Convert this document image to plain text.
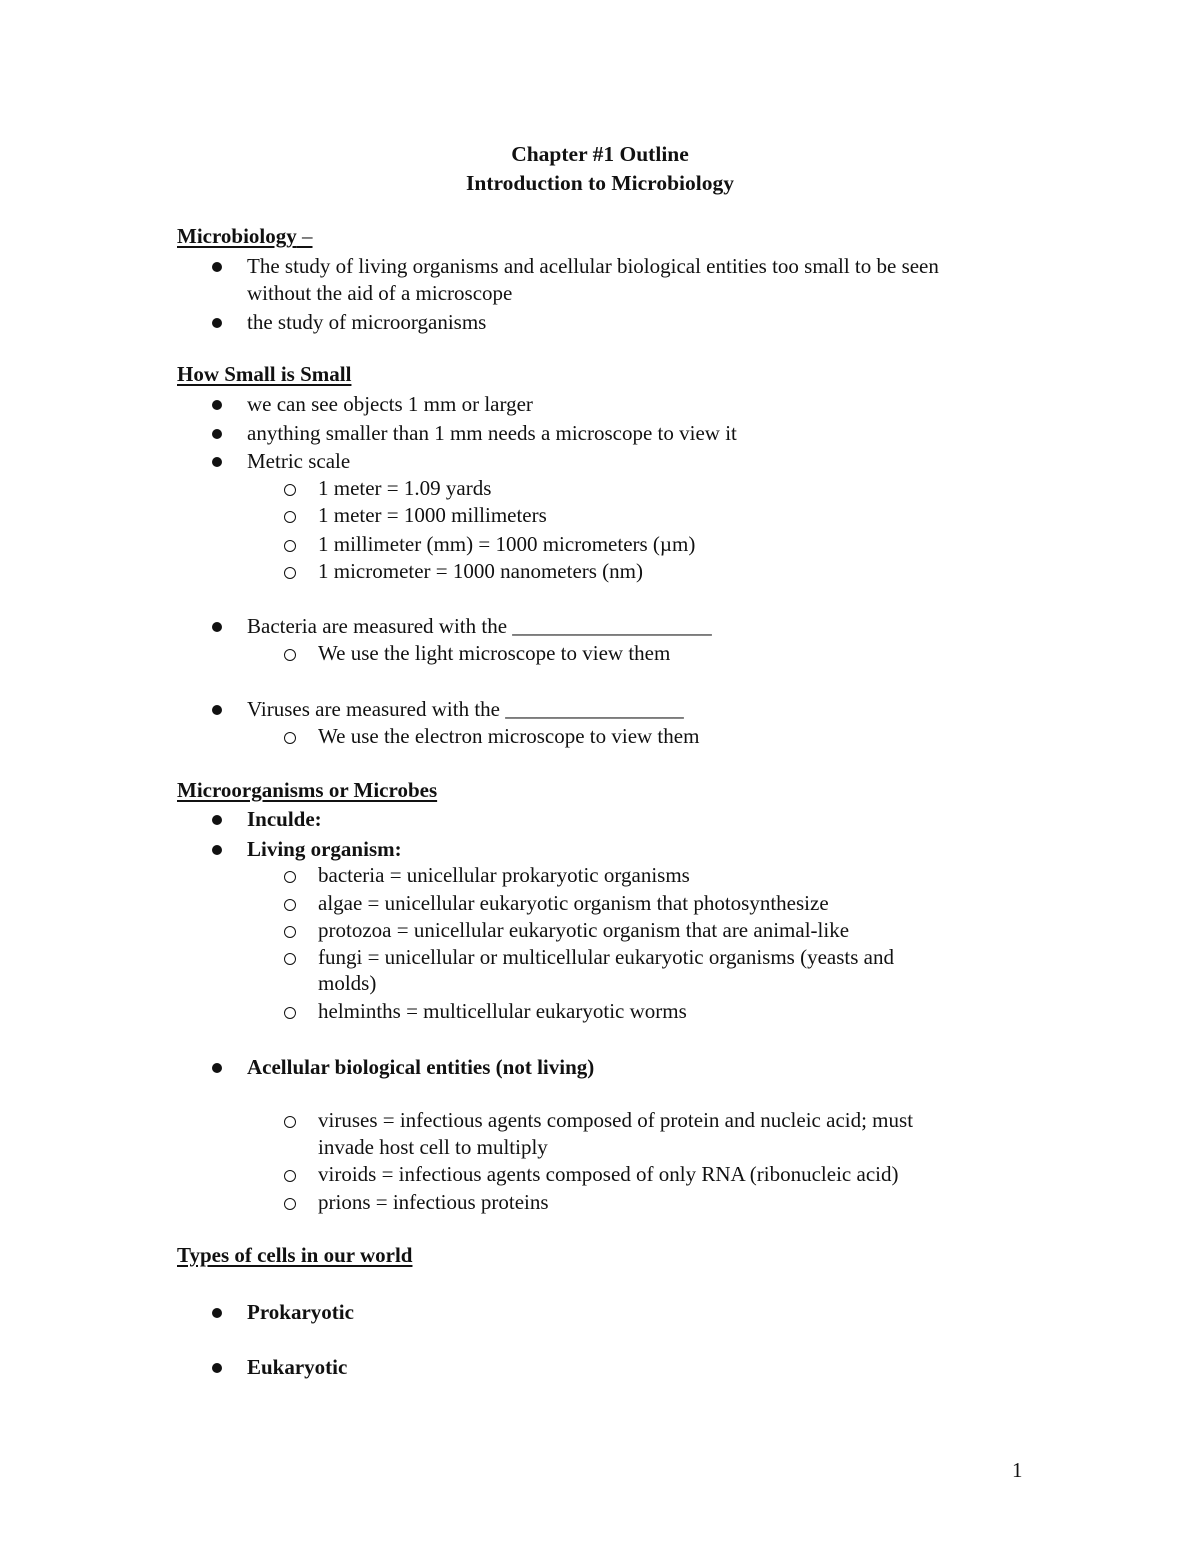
Chapter #1 Outline
Introduction to Microbiology
Microbiology –
The study of living organisms and acellular biological entities too small to be seen
without the aid of a microscope
the study of microorganisms
How Small is Small
we can see objects 1 mm or larger
anything smaller than 1 mm needs a microscope to view it
Metric scale
1 meter = 1.09 yards
1 meter = 1000 millimeters
1 millimeter (mm) = 1000 micrometers (µm)
1 micrometer = 1000 nanometers (nm)
Bacteria are measured with the ___________________
We use the light microscope to view them
Viruses are measured with the _________________
We use the electron microscope to view them
Microorganisms or Microbes
Inculde:
Living organism:
bacteria = unicellular prokaryotic organisms
algae = unicellular eukaryotic organism that photosynthesize
protozoa = unicellular eukaryotic organism that are animal-like
fungi = unicellular or multicellular eukaryotic organisms (yeasts and
molds)
helminths = multicellular eukaryotic worms
Acellular biological entities (not living)
viruses = infectious agents composed of protein and nucleic acid; must
invade host cell to multiply
viroids = infectious agents composed of only RNA (ribonucleic acid)
prions = infectious proteins
Types of cells in our world
Prokaryotic
Eukaryotic
1
